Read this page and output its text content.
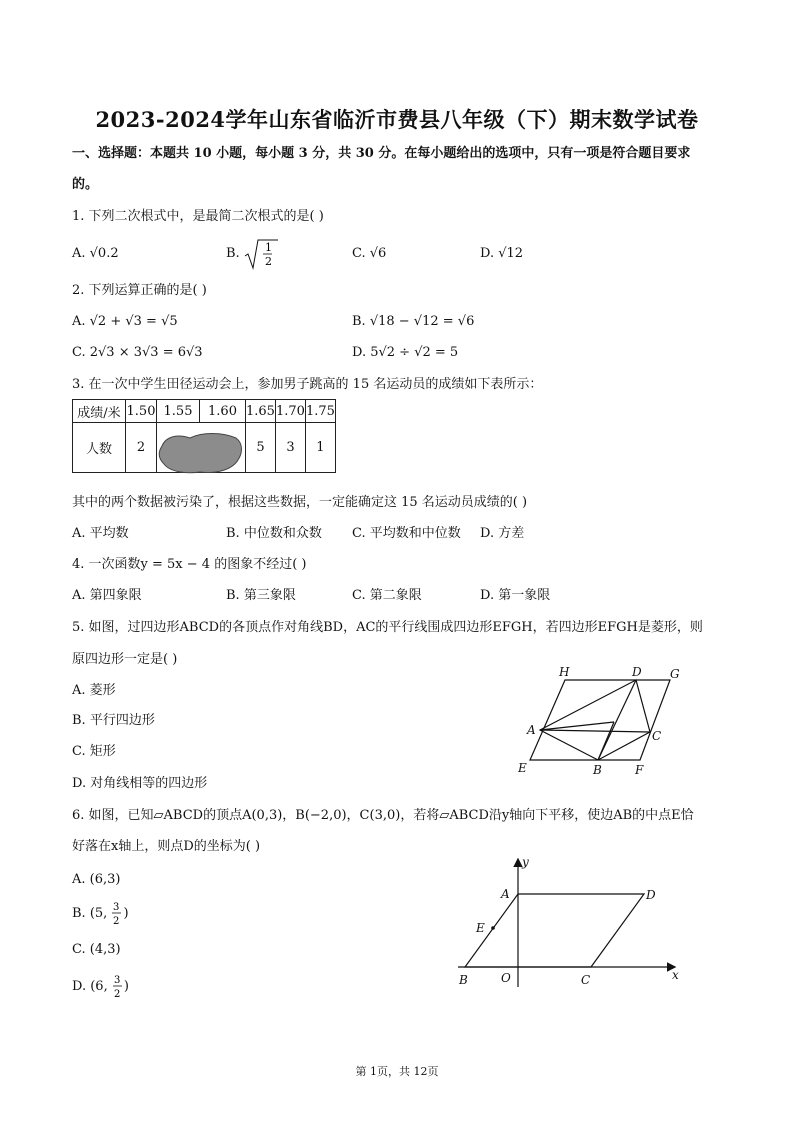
2023-2024学年山东省临沂市费县八年级（下）期末数学试卷
一、选择题：本题共 10 小题，每小题 3 分，共 30 分。在每小题给出的选项中，只有一项是符合题目要求
的。
1. 下列二次根式中，是最简二次根式的是( )
A. √0.2	B. 1
2
C. √6	D. √12
2. 下列运算正确的是( )
A. √2 + √3 = √5	B. √18 − √12 = √6
C. 2√3 × 3√3 = 6√3	D. 5√2 ÷ √2 = 5
3. 在一次中学生田径运动会上，参加男子跳高的 15 名运动员的成绩如下表所示：
成绩/米	1.50	1.55	1.60	1.65	1.70	1.75
人数	2			5	3	1
其中的两个数据被污染了，根据这些数据，一定能确定这 15 名运动员成绩的( )
A. 平均数	B. 中位数和众数 C. 平均数和中位数 D. 方差
4. 一次函数y = 5x − 4 的图象不经过( )
A. 第四象限	B. 第三象限	C. 第二象限	D. 第一象限
5. 如图，过四边形ABCD的各顶点作对角线BD，AC的平行线围成四边形EFGH，若四边形EFGH是菱形，则
原四边形一定是( )
A. 菱形
B. 平行四边形
C. 矩形
D. 对角线相等的四边形
H	D G
A	C
E	B	F
6. 如图，已知▱ABCD的顶点A(0,3)，B(−2,0)，C(3,0)，若将▱ABCD沿y轴向下平移，使边AB的中点E恰
好落在x轴上，则点D的坐标为( )
A. (6,3)
B. (5, 3
2
)
C. (4,3)
D. (6, 3
2
)
y
A	D
E
B	O	C	x
第 1页，共 12页
